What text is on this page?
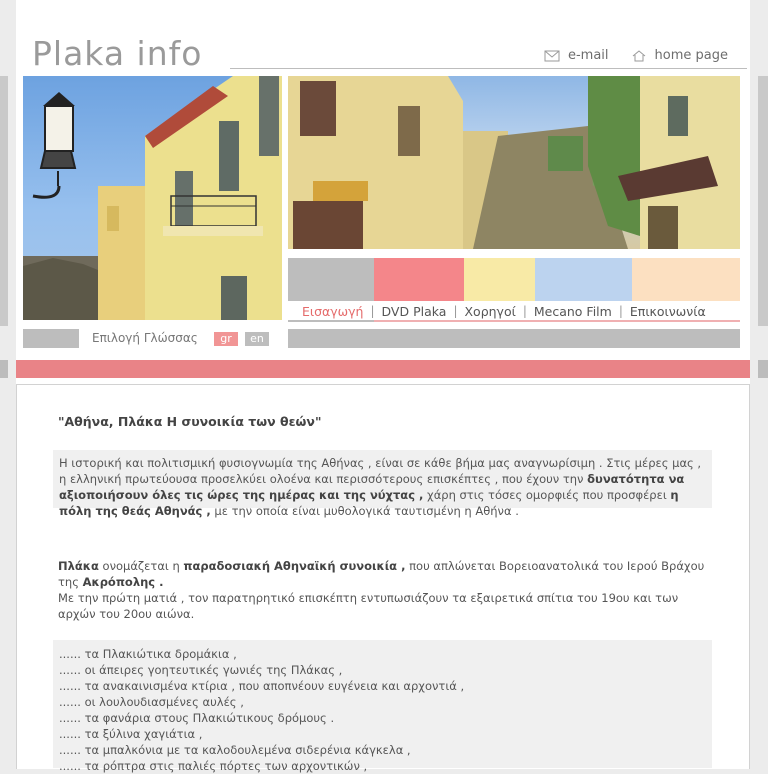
Plaka info	e-mail	home page
Εισαγωγή | DVD Plaka | Χορηγοί | Mecano Film | Επικοινωνία
Επιλογή Γλώσσας	gr	en
"Αθήνα, Πλάκα Η συνοικία των θεών"
Η ιστορική και πολιτισμική φυσιογνωμία της Αθήνας , είναι σε κάθε βήμα μας αναγνωρίσιμη . Στις μέρες μας , η ελληνική πρωτεύουσα προσελκύει ολοένα και περισσότερους επισκέπτες , που έχουν την δυνατότητα να αξιοποιήσουν όλες τις ώρες της ημέρας και της νύχτας , χάρη στις τόσες ομορφιές που προσφέρει η πόλη της θεάς Αθηνάς , με την οποία είναι μυθολογικά ταυτισμένη η Αθήνα .
Πλάκα ονομάζεται η παραδοσιακή Αθηναϊκή συνοικία , που απλώνεται Βορειοανατολικά του Ιερού Βράχου της Ακρόπολης .
Με την πρώτη ματιά , τον παρατηρητικό επισκέπτη εντυπωσιάζουν τα εξαιρετικά σπίτια του 19ου και των αρχών του 20ου αιώνα.
...... τα Πλακιώτικα δρομάκια ,
...... οι άπειρες γοητευτικές γωνιές της Πλάκας ,
...... τα ανακαινισμένα κτίρια , που αποπνέουν ευγένεια και αρχοντιά ,
...... οι λουλουδιασμένες αυλές ,
...... τα φανάρια στους Πλακιώτικους δρόμους .
...... τα ξύλινα χαγιάτια ,
...... τα μπαλκόνια με τα καλοδουλεμένα σιδερένια κάγκελα ,
...... τα ρόπτρα στις παλιές πόρτες των αρχοντικών ,
